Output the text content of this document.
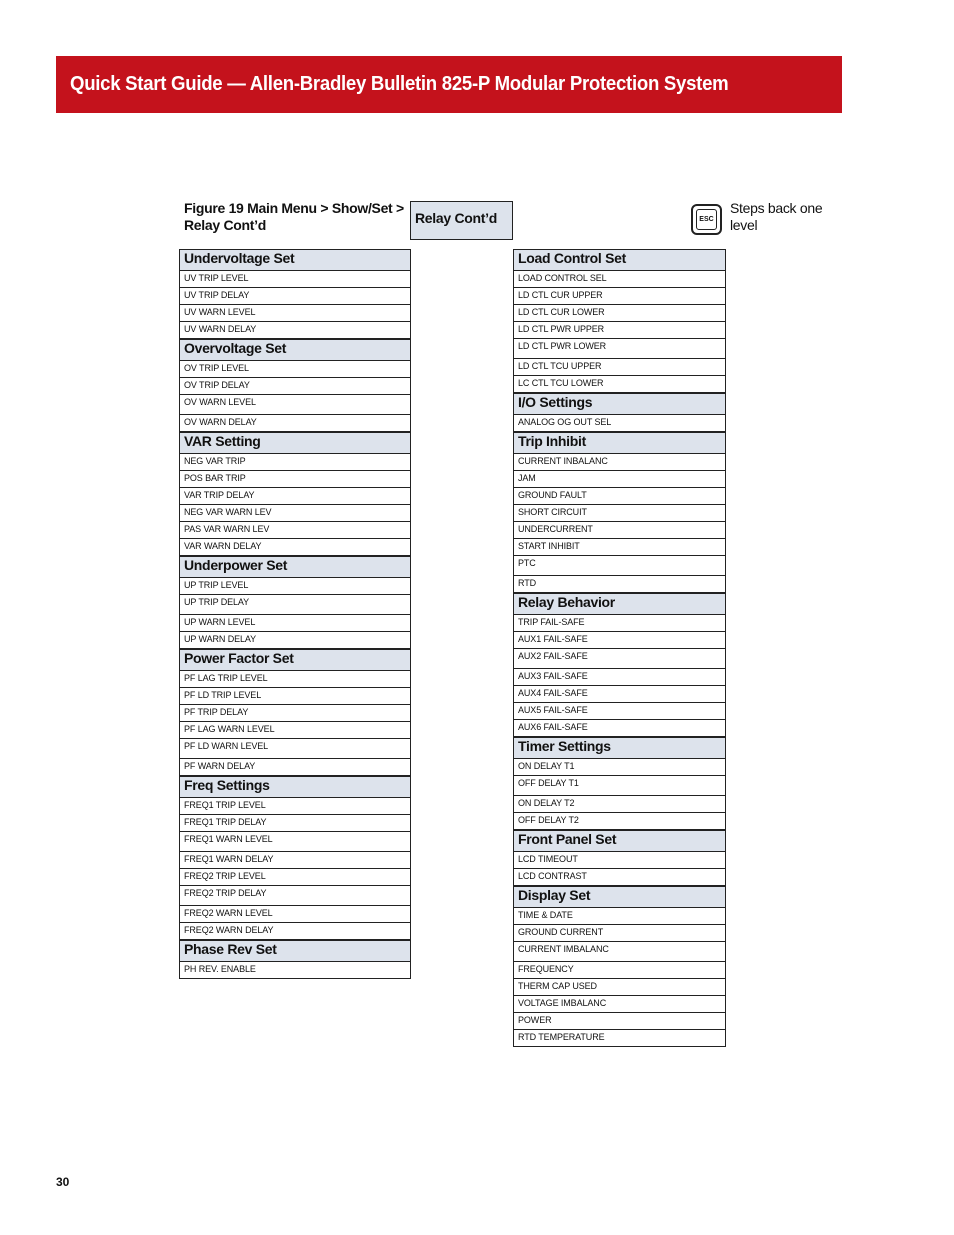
Quick Start Guide — Allen-Bradley Bulletin 825-P Modular Protection System
Figure 19 Main Menu > Show/Set > Relay Cont’d	Relay Cont’d	ESC
Steps back one level
Undervoltage Set
UV TRIP LEVEL
UV TRIP DELAY
UV WARN LEVEL
UV WARN DELAY
Overvoltage Set
OV TRIP LEVEL
OV TRIP DELAY
OV WARN LEVEL
OV WARN DELAY
VAR Setting
NEG VAR TRIP
POS BAR TRIP
VAR TRIP DELAY
NEG VAR WARN LEV
PAS VAR WARN LEV
VAR WARN DELAY
Underpower Set
UP TRIP LEVEL
UP TRIP DELAY
UP WARN LEVEL
UP WARN DELAY
Power Factor Set
PF LAG TRIP LEVEL
PF LD TRIP LEVEL
PF TRIP DELAY
PF LAG WARN LEVEL
PF LD WARN LEVEL
PF WARN DELAY
Freq Settings
FREQ1 TRIP LEVEL
FREQ1 TRIP DELAY
FREQ1 WARN LEVEL
FREQ1 WARN DELAY
FREQ2 TRIP LEVEL
FREQ2 TRIP DELAY
FREQ2 WARN LEVEL
FREQ2 WARN DELAY
Phase Rev Set
PH REV. ENABLE
Load Control Set
LOAD CONTROL SEL
LD CTL CUR UPPER
LD CTL CUR LOWER
LD CTL PWR UPPER
LD CTL PWR LOWER
LD CTL TCU UPPER
LC CTL TCU LOWER
I/O Settings
ANALOG OG OUT SEL
Trip Inhibit
CURRENT INBALANC
JAM
GROUND FAULT
SHORT CIRCUIT
UNDERCURRENT
START INHIBIT
PTC
RTD
Relay Behavior
TRIP FAIL-SAFE
AUX1 FAIL-SAFE
AUX2 FAIL-SAFE
AUX3 FAIL-SAFE
AUX4 FAIL-SAFE
AUX5 FAIL-SAFE
AUX6 FAIL-SAFE
Timer Settings
ON DELAY T1
OFF DELAY T1
ON DELAY T2
OFF DELAY T2
Front Panel Set
LCD TIMEOUT
LCD CONTRAST
Display Set
TIME & DATE
GROUND CURRENT
CURRENT IMBALANC
FREQUENCY
THERM CAP USED
VOLTAGE IMBALANC
POWER
RTD TEMPERATURE
30
